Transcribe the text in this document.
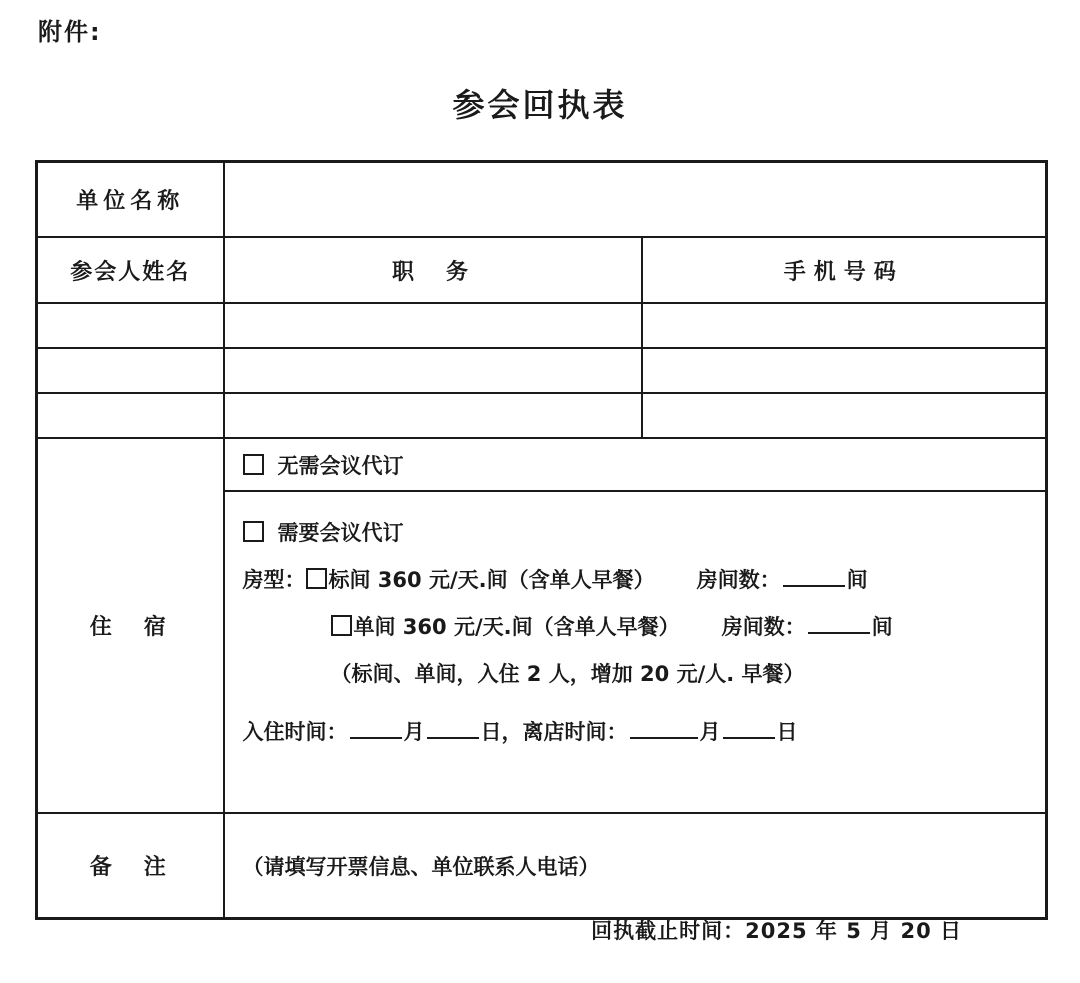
附件:
参会回执表
单位名称		
参会人姓名	职　务	手机号码

住　宿	无需会议代订	

	需要会议代订
房型： 标间 360 元/天.间（含单人早餐） 房间数： 间
单间 360 元/天.间（含单人早餐） 房间数： 间
（标间、单间，入住 2 人，增加 20 元/人. 早餐）
入住时间： 月 日，离店时间： 月 日	

备　注	（请填写开票信息、单位联系人电话）	
回执截止时间：2025 年 5 月 20 日
